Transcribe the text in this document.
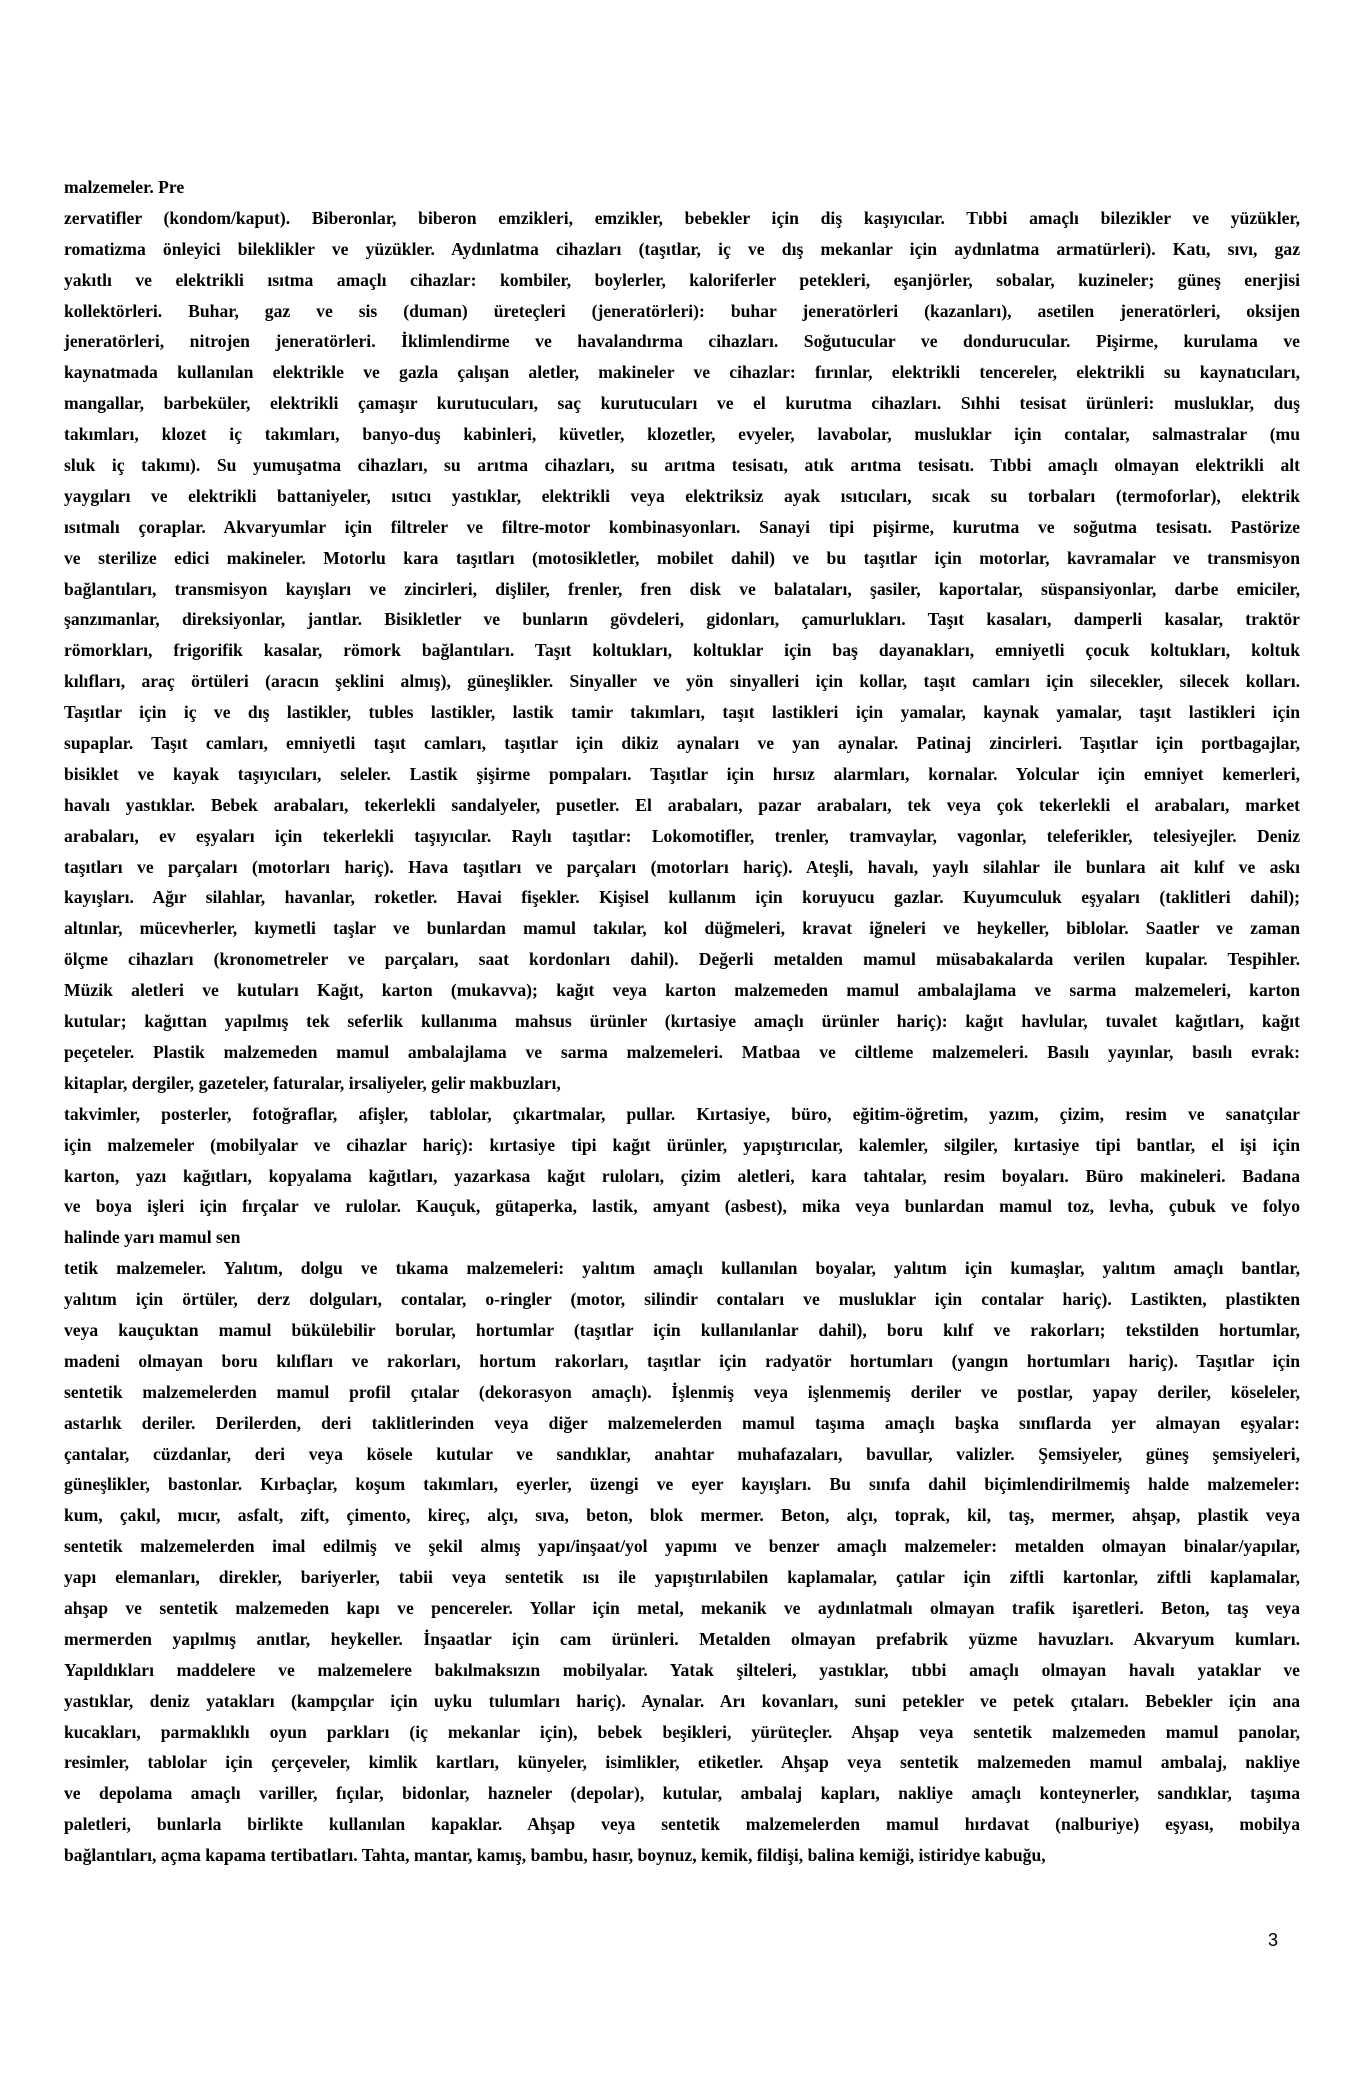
malzemeler. Pre
zervatifler (kondom/kaput). Biberonlar, biberon emzikleri, emzikler, bebekler için diş kaşıyıcılar. Tıbbi amaçlı bilezikler ve yüzükler,
romatizma önleyici bileklikler ve yüzükler. Aydınlatma cihazları (taşıtlar, iç ve dış mekanlar için aydınlatma armatürleri). Katı, sıvı, gaz
yakıtlı ve elektrikli ısıtma amaçlı cihazlar: kombiler, boylerler, kaloriferler petekleri, eşanjörler, sobalar, kuzineler; güneş enerjisi
kollektörleri. Buhar, gaz ve sis (duman) üreteçleri (jeneratörleri): buhar jeneratörleri (kazanları), asetilen jeneratörleri, oksijen
jeneratörleri, nitrojen jeneratörleri. İklimlendirme ve havalandırma cihazları. Soğutucular ve dondurucular. Pişirme, kurulama ve
kaynatmada kullanılan elektrikle ve gazla çalışan aletler, makineler ve cihazlar: fırınlar, elektrikli tencereler, elektrikli su kaynatıcıları,
mangallar, barbeküler, elektrikli çamaşır kurutucuları, saç kurutucuları ve el kurutma cihazları. Sıhhi tesisat ürünleri: musluklar, duş
takımları, klozet iç takımları, banyo-duş kabinleri, küvetler, klozetler, evyeler, lavabolar, musluklar için contalar, salmastralar (mu
sluk iç takımı). Su yumuşatma cihazları, su arıtma cihazları, su arıtma tesisatı, atık arıtma tesisatı. Tıbbi amaçlı olmayan elektrikli alt
yaygıları ve elektrikli battaniyeler, ısıtıcı yastıklar, elektrikli veya elektriksiz ayak ısıtıcıları, sıcak su torbaları (termoforlar), elektrik
ısıtmalı çoraplar. Akvaryumlar için filtreler ve filtre-motor kombinasyonları. Sanayi tipi pişirme, kurutma ve soğutma tesisatı. Pastörize
ve sterilize edici makineler. Motorlu kara taşıtları (motosikletler, mobilet dahil) ve bu taşıtlar için motorlar, kavramalar ve transmisyon
bağlantıları, transmisyon kayışları ve zincirleri, dişliler, frenler, fren disk ve balataları, şasiler, kaportalar, süspansiyonlar, darbe emiciler,
şanzımanlar, direksiyonlar, jantlar. Bisikletler ve bunların gövdeleri, gidonları, çamurlukları. Taşıt kasaları, damperli kasalar, traktör
römorkları, frigorifik kasalar, römork bağlantıları. Taşıt koltukları, koltuklar için baş dayanakları, emniyetli çocuk koltukları, koltuk
kılıfları, araç örtüleri (aracın şeklini almış), güneşlikler. Sinyaller ve yön sinyalleri için kollar, taşıt camları için silecekler, silecek kolları.
Taşıtlar için iç ve dış lastikler, tubles lastikler, lastik tamir takımları, taşıt lastikleri için yamalar, kaynak yamalar, taşıt lastikleri için
supaplar. Taşıt camları, emniyetli taşıt camları, taşıtlar için dikiz aynaları ve yan aynalar. Patinaj zincirleri. Taşıtlar için portbagajlar,
bisiklet ve kayak taşıyıcıları, seleler. Lastik şişirme pompaları. Taşıtlar için hırsız alarmları, kornalar. Yolcular için emniyet kemerleri,
havalı yastıklar. Bebek arabaları, tekerlekli sandalyeler, pusetler. El arabaları, pazar arabaları, tek veya çok tekerlekli el arabaları, market
arabaları, ev eşyaları için tekerlekli taşıyıcılar. Raylı taşıtlar: Lokomotifler, trenler, tramvaylar, vagonlar, teleferikler, telesiyejler. Deniz
taşıtları ve parçaları (motorları hariç). Hava taşıtları ve parçaları (motorları hariç). Ateşli, havalı, yaylı silahlar ile bunlara ait kılıf ve askı
kayışları. Ağır silahlar, havanlar, roketler. Havai fişekler. Kişisel kullanım için koruyucu gazlar. Kuyumculuk eşyaları (taklitleri dahil);
altınlar, mücevherler, kıymetli taşlar ve bunlardan mamul takılar, kol düğmeleri, kravat iğneleri ve heykeller, biblolar. Saatler ve zaman
ölçme cihazları (kronometreler ve parçaları, saat kordonları dahil). Değerli metalden mamul müsabakalarda verilen kupalar. Tespihler.
Müzik aletleri ve kutuları Kağıt, karton (mukavva); kağıt veya karton malzemeden mamul ambalajlama ve sarma malzemeleri, karton
kutular; kağıttan yapılmış tek seferlik kullanıma mahsus ürünler (kırtasiye amaçlı ürünler hariç): kağıt havlular, tuvalet kağıtları, kağıt
peçeteler. Plastik malzemeden mamul ambalajlama ve sarma malzemeleri. Matbaa ve ciltleme malzemeleri. Basılı yayınlar, basılı evrak:
kitaplar, dergiler, gazeteler, faturalar, irsaliyeler, gelir makbuzları,
takvimler, posterler, fotoğraflar, afişler, tablolar, çıkartmalar, pullar. Kırtasiye, büro, eğitim-öğretim, yazım, çizim, resim ve sanatçılar
için malzemeler (mobilyalar ve cihazlar hariç): kırtasiye tipi kağıt ürünler, yapıştırıcılar, kalemler, silgiler, kırtasiye tipi bantlar, el işi için
karton, yazı kağıtları, kopyalama kağıtları, yazarkasa kağıt ruloları, çizim aletleri, kara tahtalar, resim boyaları. Büro makineleri. Badana
ve boya işleri için fırçalar ve rulolar. Kauçuk, gütaperka, lastik, amyant (asbest), mika veya bunlardan mamul toz, levha, çubuk ve folyo
halinde yarı mamul sen
tetik malzemeler. Yalıtım, dolgu ve tıkama malzemeleri: yalıtım amaçlı kullanılan boyalar, yalıtım için kumaşlar, yalıtım amaçlı bantlar,
yalıtım için örtüler, derz dolguları, contalar, o-ringler (motor, silindir contaları ve musluklar için contalar hariç). Lastikten, plastikten
veya kauçuktan mamul bükülebilir borular, hortumlar (taşıtlar için kullanılanlar dahil), boru kılıf ve rakorları; tekstilden hortumlar,
madeni olmayan boru kılıfları ve rakorları, hortum rakorları, taşıtlar için radyatör hortumları (yangın hortumları hariç). Taşıtlar için
sentetik malzemelerden mamul profil çıtalar (dekorasyon amaçlı). İşlenmiş veya işlenmemiş deriler ve postlar, yapay deriler, köseleler,
astarlık deriler. Derilerden, deri taklitlerinden veya diğer malzemelerden mamul taşıma amaçlı başka sınıflarda yer almayan eşyalar:
çantalar, cüzdanlar, deri veya kösele kutular ve sandıklar, anahtar muhafazaları, bavullar, valizler. Şemsiyeler, güneş şemsiyeleri,
güneşlikler, bastonlar. Kırbaçlar, koşum takımları, eyerler, üzengi ve eyer kayışları. Bu sınıfa dahil biçimlendirilmemiş halde malzemeler:
kum, çakıl, mıcır, asfalt, zift, çimento, kireç, alçı, sıva, beton, blok mermer. Beton, alçı, toprak, kil, taş, mermer, ahşap, plastik veya
sentetik malzemelerden imal edilmiş ve şekil almış yapı/inşaat/yol yapımı ve benzer amaçlı malzemeler: metalden olmayan binalar/yapılar,
yapı elemanları, direkler, bariyerler, tabii veya sentetik ısı ile yapıştırılabilen kaplamalar, çatılar için ziftli kartonlar, ziftli kaplamalar,
ahşap ve sentetik malzemeden kapı ve pencereler. Yollar için metal, mekanik ve aydınlatmalı olmayan trafik işaretleri. Beton, taş veya
mermerden yapılmış anıtlar, heykeller. İnşaatlar için cam ürünleri. Metalden olmayan prefabrik yüzme havuzları. Akvaryum kumları.
Yapıldıkları maddelere ve malzemelere bakılmaksızın mobilyalar. Yatak şilteleri, yastıklar, tıbbi amaçlı olmayan havalı yataklar ve
yastıklar, deniz yatakları (kampçılar için uyku tulumları hariç). Aynalar. Arı kovanları, suni petekler ve petek çıtaları. Bebekler için ana
kucakları, parmaklıklı oyun parkları (iç mekanlar için), bebek beşikleri, yürüteçler. Ahşap veya sentetik malzemeden mamul panolar,
resimler, tablolar için çerçeveler, kimlik kartları, künyeler, isimlikler, etiketler. Ahşap veya sentetik malzemeden mamul ambalaj, nakliye
ve depolama amaçlı variller, fıçılar, bidonlar, hazneler (depolar), kutular, ambalaj kapları, nakliye amaçlı konteynerler, sandıklar, taşıma
paletleri, bunlarla birlikte kullanılan kapaklar. Ahşap veya sentetik malzemelerden mamul hırdavat (nalburiye) eşyası, mobilya
bağlantıları, açma kapama tertibatları. Tahta, mantar, kamış, bambu, hasır, boynuz, kemik, fildişi, balina kemiği, istiridye kabuğu,
3
